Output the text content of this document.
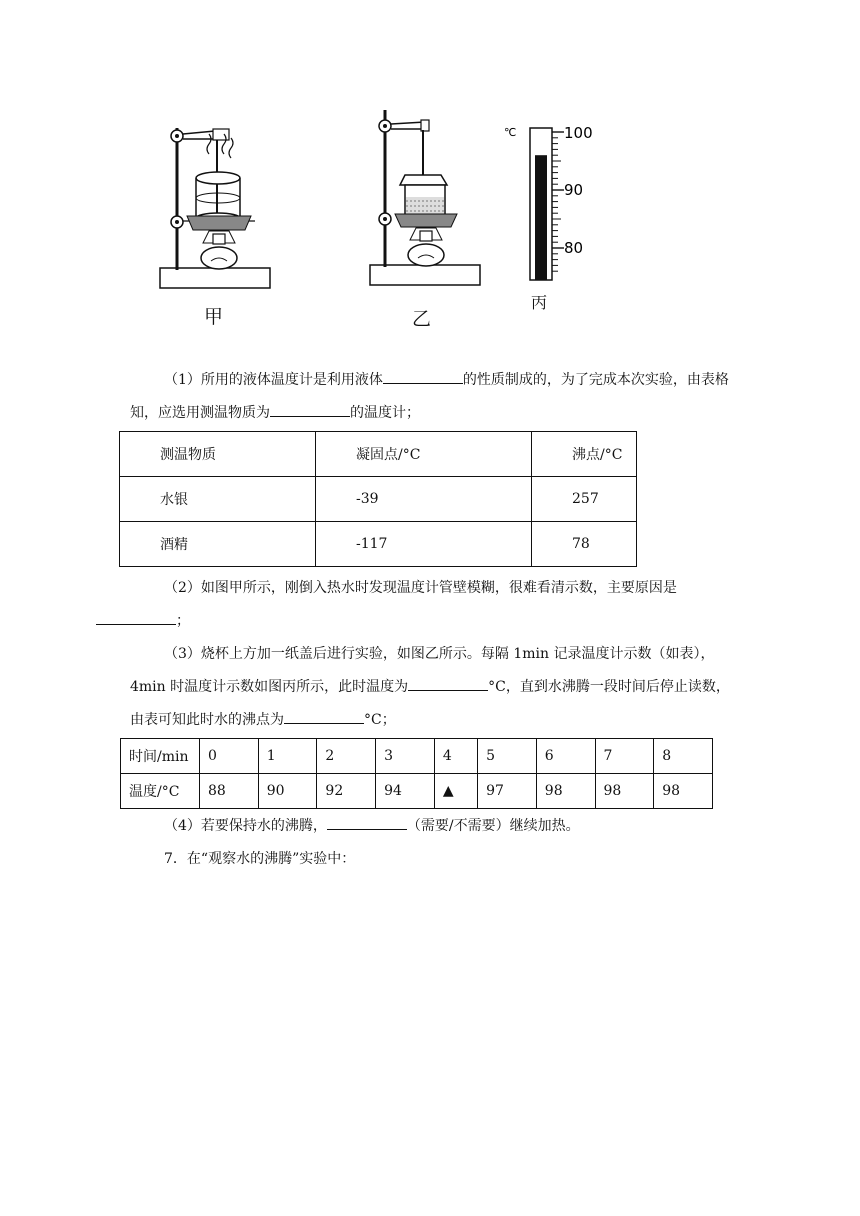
甲	乙
℃	100
90
80
丙
（1）所用的液体温度计是利用液体	的性质制成的，为了完成本次实验，由表格知，应选用测温物质为	的温度计；
测温物质	凝固点/°C	沸点/°C
水银	-39	257
酒精	-117	78
（2）如图甲所示，刚倒入热水时发现温度计管壁模糊，很难看清示数，主要原因是
；
（3）烧杯上方加一纸盖后进行实验，如图乙所示。每隔 1min 记录温度计示数（如表），4min 时温度计示数如图丙所示，此时温度为	°C，直到水沸腾一段时间后停止读数，由表可知此时水的沸点为	°C；
时间/min	0	1	2	3	4	5	6	7	8
温度/°C	88	90	92	94	▲	97	98	98	98
（4）若要保持水的沸腾，	（需要/不需要）继续加热。
7．在“观察水的沸腾”实验中：
